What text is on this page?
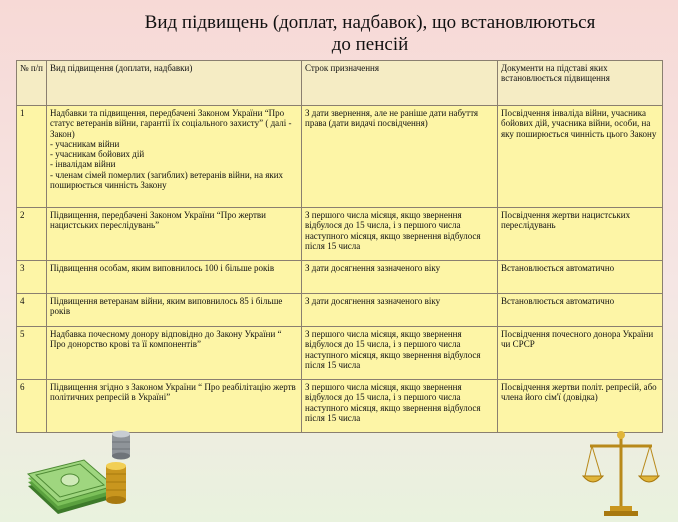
Вид підвищень (доплат, надбавок), що встановлюються
до пенсій
№ п/п	Вид підвищення (доплати, надбавки)	Строк призначення	Документи на підставі яких встановлюється підвищення
1	Надбавки та підвищення, передбачені Законом України “Про статус ветеранів війни, гарантії їх соціального захисту” ( далі - Закон)
- учасникам війни
- учасникам бойових дій
- інвалідам війни
- членам сімей померлих (загиблих) ветеранів війни, на яких поширюється чинність Закону	З дати звернення, але не раніше дати набуття права (дати видачі посвідчення)	Посвідчення інваліда війни, учасника бойових дій, учасника війни, особи, на яку поширюється чинність цього Закону
2	Підвищення, передбачені Законом України “Про жертви нацистських переслідувань”	З першого числа місяця, якщо звернення відбулося до 15 числа, і з першого числа наступного місяця, якщо звернення відбулося після 15 числа	Посвідчення жертви нацистських переслідувань
3	Підвищення особам, яким виповнилось 100 і більше років	З дати досягнення зазначеного віку	Встановлюється автоматично
4	Підвищення ветеранам війни, яким виповнилось 85 і більше років	З дати досягнення зазначеного віку	Встановлюється автоматично
5	Надбавка почесному донору відповідно до Закону України “ Про донорство крові та її компонентів”	З першого числа місяця, якщо звернення відбулося до 15 числа, і з першого числа наступного місяця, якщо звернення відбулося після 15 числа	Посвідчення почесного донора України чи СРСР
6	Підвищення згідно з Законом України “ Про реабілітацію жертв політичних репресій в Україні”	З першого числа місяця, якщо звернення відбулося до 15 числа, і з першого числа наступного місяця, якщо звернення відбулося після 15 числа	Посвідчення жертви політ. репресій, або члена його сім'ї (довідка)
